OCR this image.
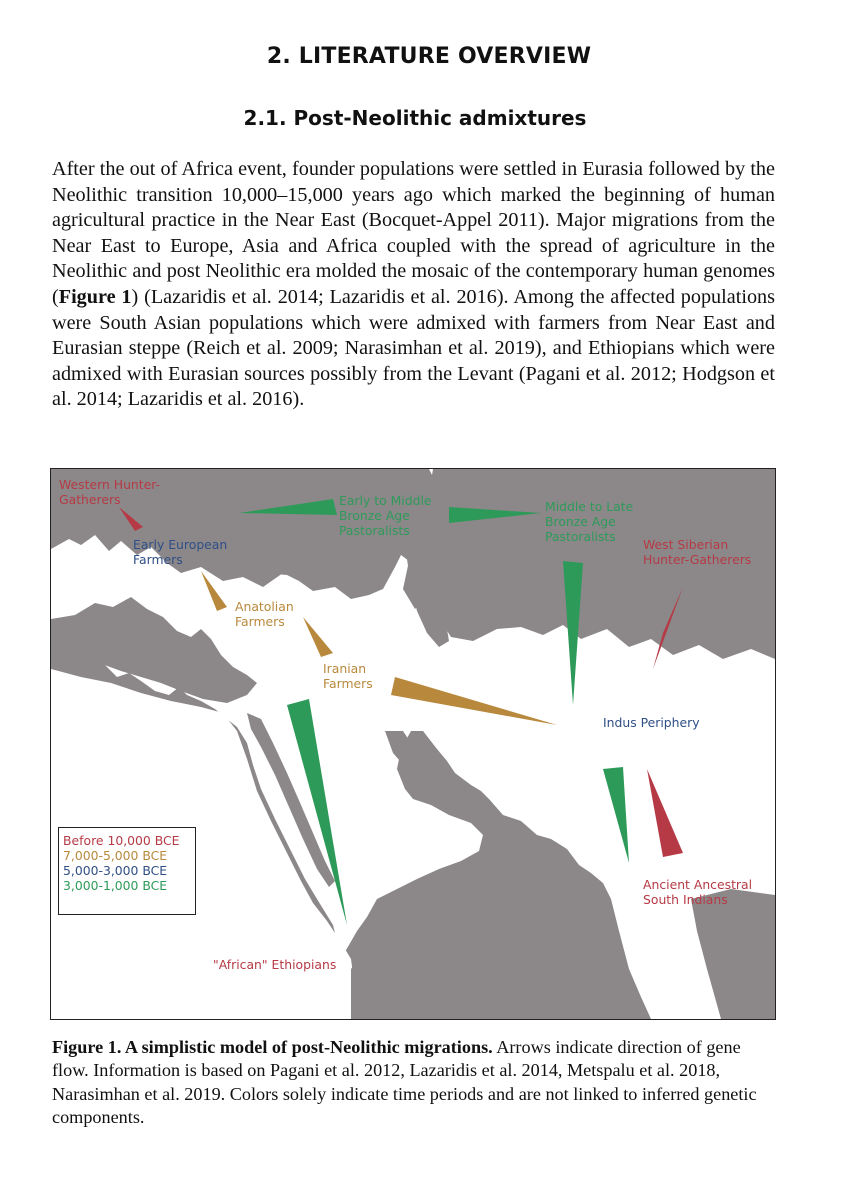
2. LITERATURE OVERVIEW
2.1. Post-Neolithic admixtures

After the out of Africa event, founder populations were settled in Eurasia followed by the Neolithic transition 10,000–15,000 years ago which marked the beginning of human agricultural practice in the Near East (Bocquet-Appel 2011). Major migrations from the Near East to Europe, Asia and Africa coupled with the spread of agriculture in the Neolithic and post Neolithic era molded the mosaic of the contemporary human genomes (Figure 1) (Lazaridis et al. 2014; Lazaridis et al. 2016). Among the affected populations were South Asian populations which were admixed with farmers from Near East and Eurasian steppe (Reich et al. 2009; Narasimhan et al. 2019), and Ethiopians which were admixed with Eurasian sources possibly from the Levant (Pagani et al. 2012; Hodgson et al. 2014; Lazaridis et al. 2016).

Western Hunter-
Gatherers
Early European
Farmers
Anatolian
Farmers
Iranian
Farmers
Early to Middle
Bronze Age
Pastoralists
Middle to Late
Bronze Age
Pastoralists
West Siberian
Hunter-Gatherers
Indus Periphery
Ancient Ancestral
South Indians
"African" Ethiopians
Before 10,000 BCE
7,000-5,000 BCE
5,000-3,000 BCE
3,000-1,000 BCE

Figure 1. A simplistic model of post-Neolithic migrations. Arrows indicate direction of gene flow. Information is based on Pagani et al. 2012, Lazaridis et al. 2014, Metspalu et al. 2018, Narasimhan et al. 2019. Colors solely indicate time periods and are not linked to inferred genetic components.
